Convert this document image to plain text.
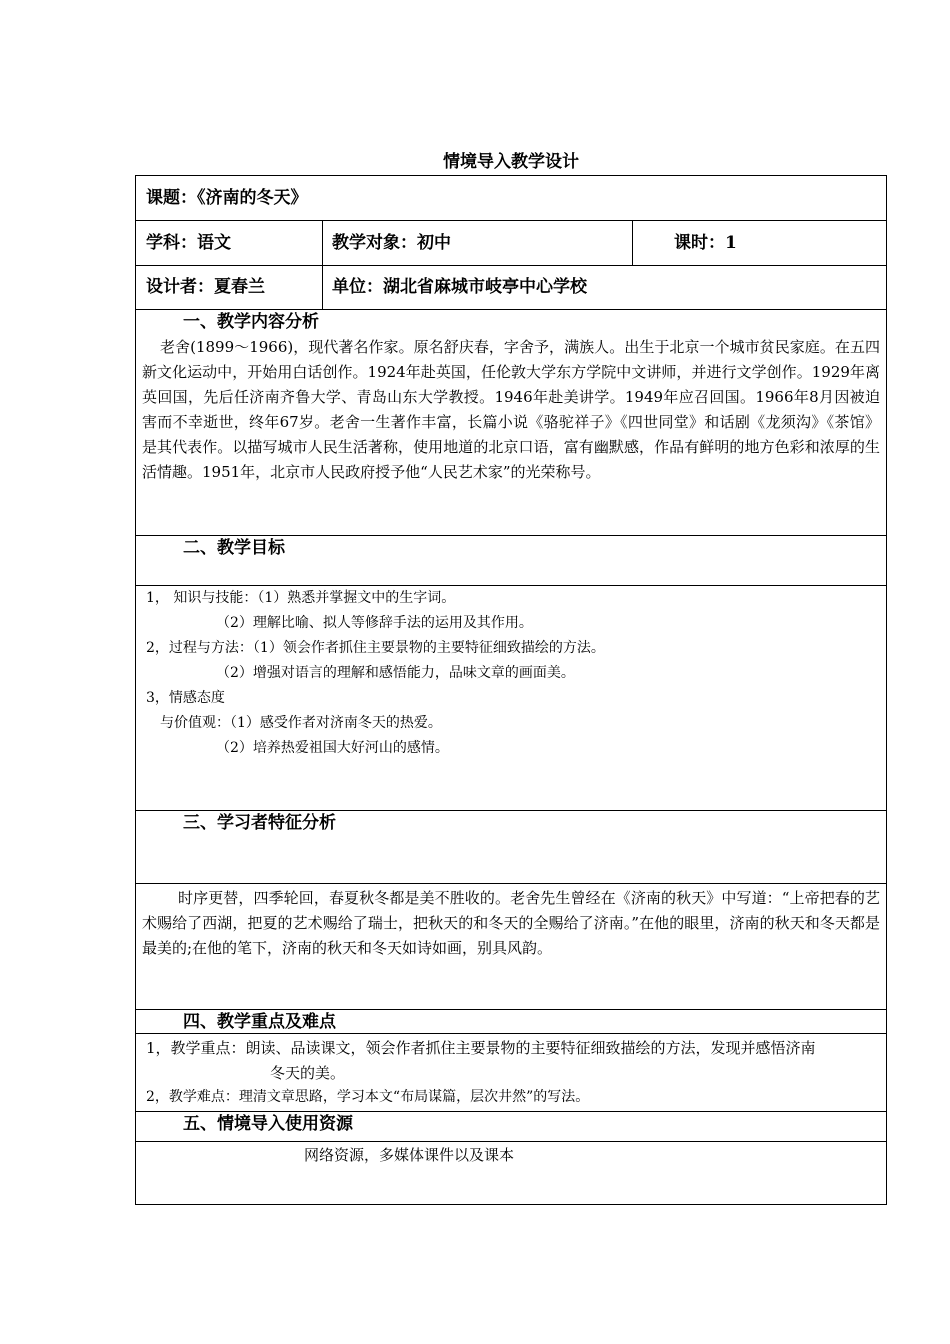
情境导入教学设计
课题：《济南的冬天》
学科：语文	教学对象：初中	课时：1
设计者：夏春兰	单位：湖北省麻城市岐亭中心学校
一、教学内容分析
老舍(1899～1966)，现代著名作家。原名舒庆春，字舍予，满族人。出生于北京一个城市贫民家庭。在五四新文化运动中，开始用白话创作。1924年赴英国，任伦敦大学东方学院中文讲师，并进行文学创作。1929年离英回国，先后任济南齐鲁大学、青岛山东大学教授。1946年赴美讲学。1949年应召回国。1966年8月因被迫害而不幸逝世，终年67岁。老舍一生著作丰富，长篇小说《骆驼祥子》《四世同堂》和话剧《龙须沟》《茶馆》是其代表作。以描写城市人民生活著称，使用地道的北京口语，富有幽默感，作品有鲜明的地方色彩和浓厚的生活情趣。1951年，北京市人民政府授予他“人民艺术家”的光荣称号。
二、教学目标
1， 知识与技能：（1）熟悉并掌握文中的生字词。
（2）理解比喻、拟人等修辞手法的运用及其作用。
2，过程与方法：（1）领会作者抓住主要景物的主要特征细致描绘的方法。
（2）增强对语言的理解和感悟能力，品味文章的画面美。
3，情感态度
与价值观：（1）感受作者对济南冬天的热爱。
（2）培养热爱祖国大好河山的感情。
三、学习者特征分析
时序更替，四季轮回，春夏秋冬都是美不胜收的。老舍先生曾经在《济南的秋天》中写道：“上帝把春的艺术赐给了西湖，把夏的艺术赐给了瑞士，把秋天的和冬天的全赐给了济南。”在他的眼里，济南的秋天和冬天都是最美的;在他的笔下，济南的秋天和冬天如诗如画，别具风韵。
四、教学重点及难点
1，教学重点：朗读、品读课文，领会作者抓住主要景物的主要特征细致描绘的方法，发现并感悟济南
冬天的美。
2，教学难点：理清文章思路，学习本文“布局谋篇，层次井然”的写法。
五、情境导入使用资源
网络资源，多媒体课件以及课本
